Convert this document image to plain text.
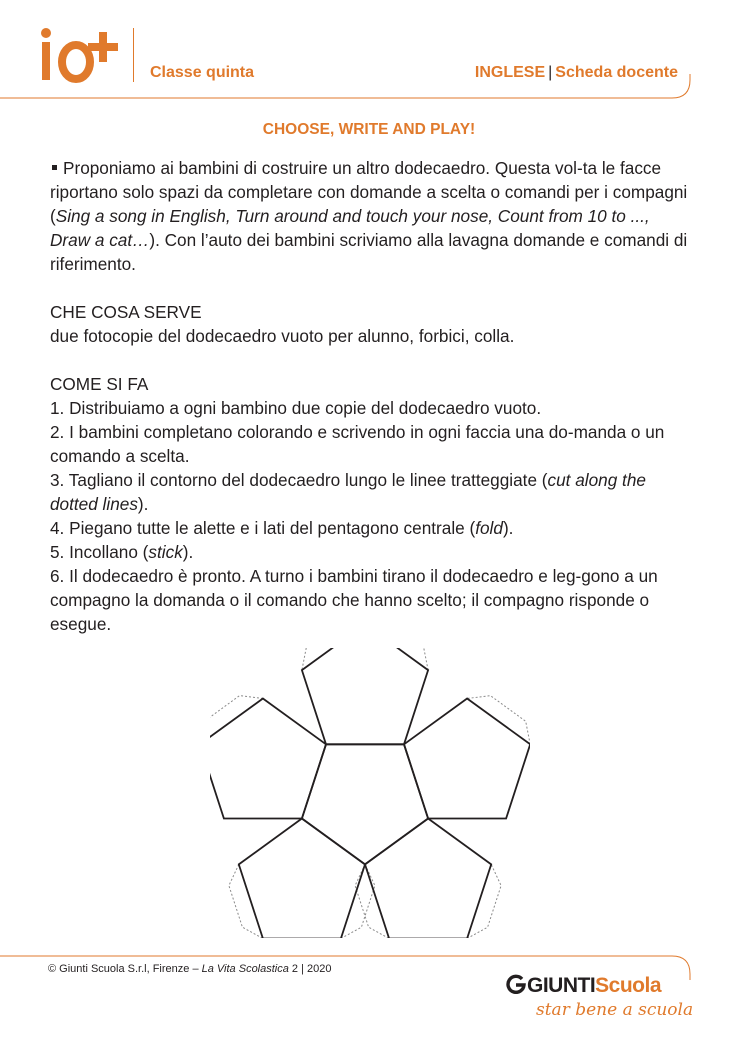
Classe quinta	INGLESE | Scheda docente
CHOOSE, WRITE AND PLAY!

Proponiamo ai bambini di costruire un altro dodecaedro. Questa vol-ta le facce riportano solo spazi da completare con domande a scelta o comandi per i compagni (Sing a song in English, Turn around and touch your nose, Count from 10 to ..., Draw a cat…). Con l’auto dei bambini scriviamo alla lavagna domande e comandi di riferimento.

CHE COSA SERVE

due fotocopie del dodecaedro vuoto per alunno, forbici, colla.

COME SI FA

1. Distribuiamo a ogni bambino due copie del dodecaedro vuoto.

2. I bambini completano colorando e scrivendo in ogni faccia una do-manda o un comando a scelta.

3. Tagliano il contorno del dodecaedro lungo le linee tratteggiate (cut along the dotted lines).

4. Piegano tutte le alette e i lati del pentagono centrale (fold).

5. Incollano (stick).

6. Il dodecaedro è pronto. A turno i bambini tirano il dodecaedro e leg-gono a un compagno la domanda o il comando che hanno scelto; il compagno risponde o esegue.

© Giunti Scuola S.r.l, Firenze – La Vita Scolastica 2 | 2020
GIUNTIScuola
star bene a scuola
